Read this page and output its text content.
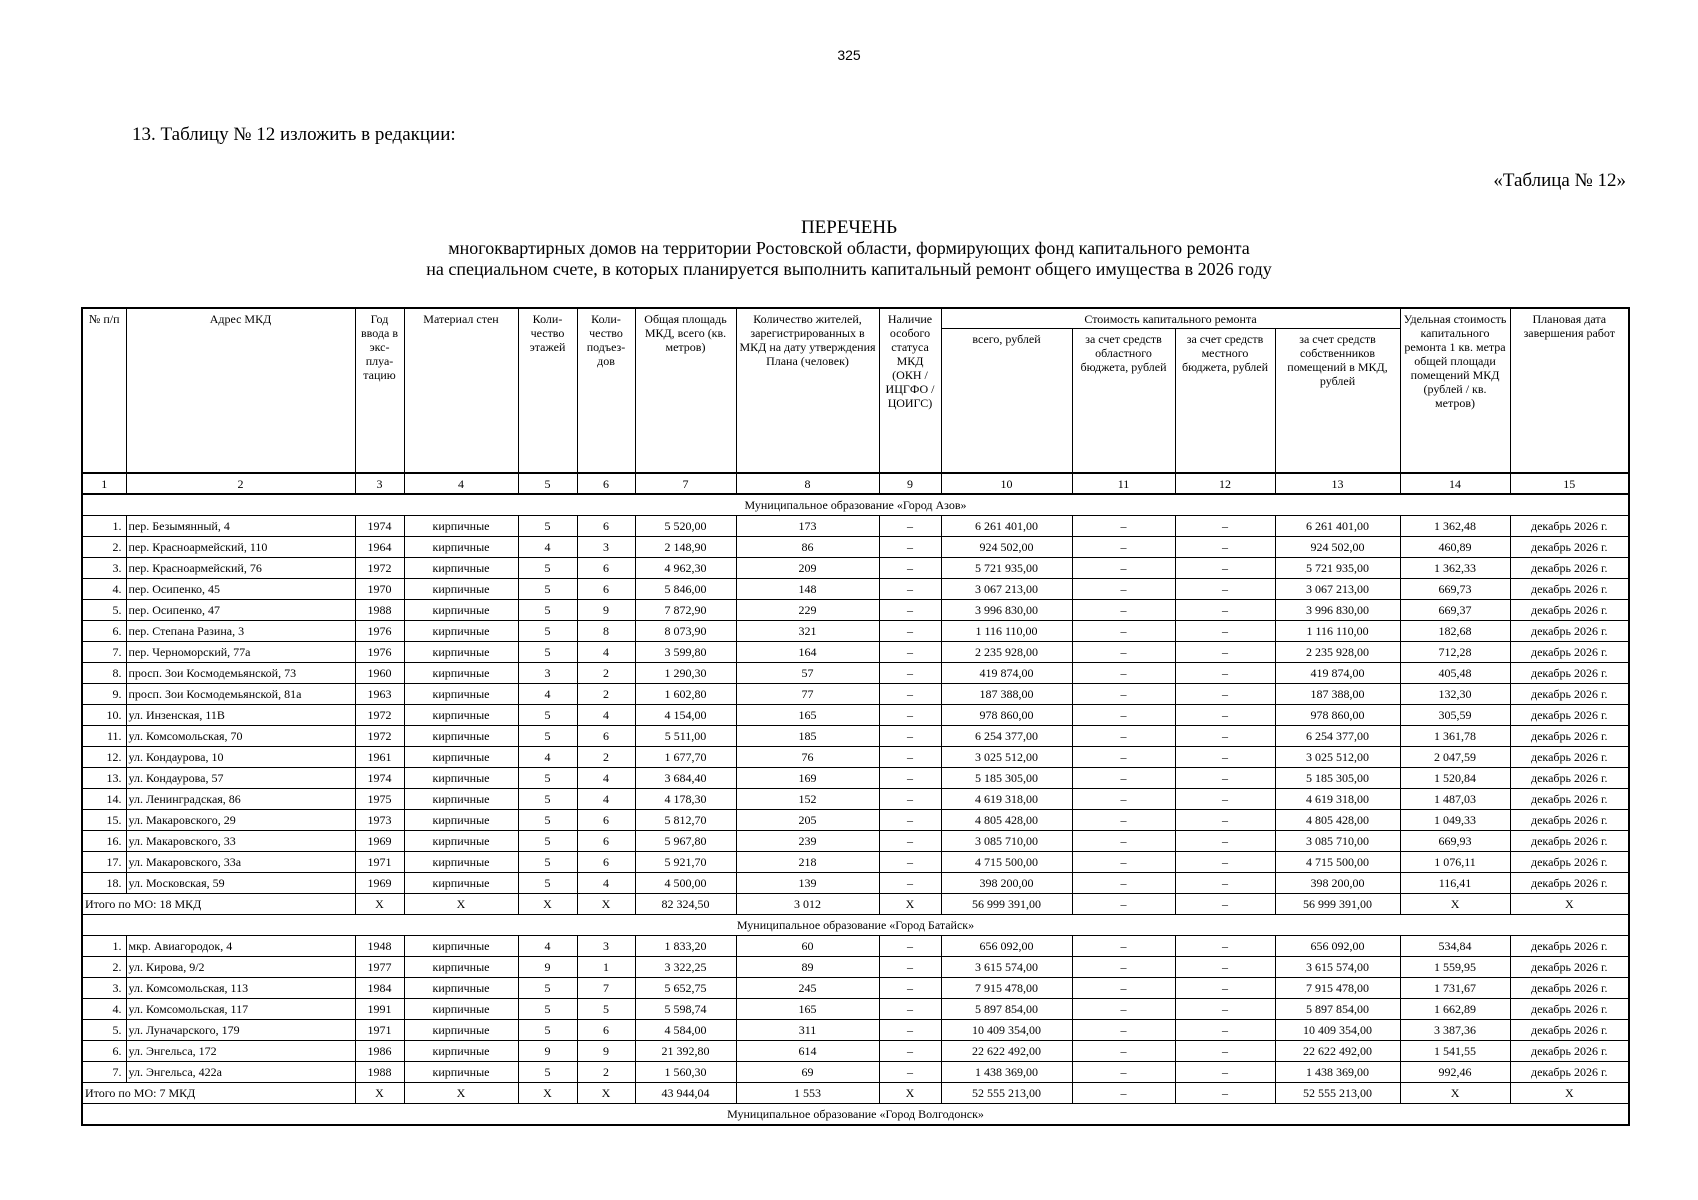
325
13. Таблицу № 12 изложить в редакции:
«Таблица № 12»
ПЕРЕЧЕНЬ
многоквартирных домов на территории Ростовской области, формирующих фонд капитального ремонта
на специальном счете, в которых планируется выполнить капитальный ремонт общего имущества в 2026 году
№ п/п	Адрес МКД	Год ввода в экс-плуа-тацию	Материал стен	Коли-чество этажей	Коли-чество подъез-дов	Общая площадь МКД, всего (кв. метров)	Количество жителей, зарегистрированных в МКД на дату утверждения Плана (человек)	Наличие особого статуса МКД (ОКН / ИЦГФО / ЦОИГС)	Стоимость капитального ремонта				Удельная стоимость капитального ремонта 1 кв. метра общей площади помещений МКД (рублей / кв. метров)	Плановая дата завершения работ
									всего, рублей	за счет средств областного бюджета, рублей	за счет средств местного бюджета, рублей	за счет средств собственников помещений в МКД, рублей		
1	2	3	4	5	6	7	8	9	10	11	12	13	14	15
Муниципальное образование «Город Азов»														
1.	пер. Безымянный, 4	1974	кирпичные	5	6	5 520,00	173	–	6 261 401,00	–	–	6 261 401,00	1 362,48	декабрь 2026 г.
2.	пер. Красноармейский, 110	1964	кирпичные	4	3	2 148,90	86	–	924 502,00	–	–	924 502,00	460,89	декабрь 2026 г.
3.	пер. Красноармейский, 76	1972	кирпичные	5	6	4 962,30	209	–	5 721 935,00	–	–	5 721 935,00	1 362,33	декабрь 2026 г.
4.	пер. Осипенко, 45	1970	кирпичные	5	6	5 846,00	148	–	3 067 213,00	–	–	3 067 213,00	669,73	декабрь 2026 г.
5.	пер. Осипенко, 47	1988	кирпичные	5	9	7 872,90	229	–	3 996 830,00	–	–	3 996 830,00	669,37	декабрь 2026 г.
6.	пер. Степана Разина, 3	1976	кирпичные	5	8	8 073,90	321	–	1 116 110,00	–	–	1 116 110,00	182,68	декабрь 2026 г.
7.	пер. Черноморский, 77а	1976	кирпичные	5	4	3 599,80	164	–	2 235 928,00	–	–	2 235 928,00	712,28	декабрь 2026 г.
8.	просп. Зои Космодемьянской, 73	1960	кирпичные	3	2	1 290,30	57	–	419 874,00	–	–	419 874,00	405,48	декабрь 2026 г.
9.	просп. Зои Космодемьянской, 81а	1963	кирпичные	4	2	1 602,80	77	–	187 388,00	–	–	187 388,00	132,30	декабрь 2026 г.
10.	ул. Инзенская, 11В	1972	кирпичные	5	4	4 154,00	165	–	978 860,00	–	–	978 860,00	305,59	декабрь 2026 г.
11.	ул. Комсомольская, 70	1972	кирпичные	5	6	5 511,00	185	–	6 254 377,00	–	–	6 254 377,00	1 361,78	декабрь 2026 г.
12.	ул. Кондаурова, 10	1961	кирпичные	4	2	1 677,70	76	–	3 025 512,00	–	–	3 025 512,00	2 047,59	декабрь 2026 г.
13.	ул. Кондаурова, 57	1974	кирпичные	5	4	3 684,40	169	–	5 185 305,00	–	–	5 185 305,00	1 520,84	декабрь 2026 г.
14.	ул. Ленинградская, 86	1975	кирпичные	5	4	4 178,30	152	–	4 619 318,00	–	–	4 619 318,00	1 487,03	декабрь 2026 г.
15.	ул. Макаровского, 29	1973	кирпичные	5	6	5 812,70	205	–	4 805 428,00	–	–	4 805 428,00	1 049,33	декабрь 2026 г.
16.	ул. Макаровского, 33	1969	кирпичные	5	6	5 967,80	239	–	3 085 710,00	–	–	3 085 710,00	669,93	декабрь 2026 г.
17.	ул. Макаровского, 33а	1971	кирпичные	5	6	5 921,70	218	–	4 715 500,00	–	–	4 715 500,00	1 076,11	декабрь 2026 г.
18.	ул. Московская, 59	1969	кирпичные	5	4	4 500,00	139	–	398 200,00	–	–	398 200,00	116,41	декабрь 2026 г.
Итого по МО: 18 МКД		X	X	X	X	82 324,50	3 012	X	56 999 391,00	–	–	56 999 391,00	X	X
Муниципальное образование «Город Батайск»														
1.	мкр. Авиагородок, 4	1948	кирпичные	4	3	1 833,20	60	–	656 092,00	–	–	656 092,00	534,84	декабрь 2026 г.
2.	ул. Кирова, 9/2	1977	кирпичные	9	1	3 322,25	89	–	3 615 574,00	–	–	3 615 574,00	1 559,95	декабрь 2026 г.
3.	ул. Комсомольская, 113	1984	кирпичные	5	7	5 652,75	245	–	7 915 478,00	–	–	7 915 478,00	1 731,67	декабрь 2026 г.
4.	ул. Комсомольская, 117	1991	кирпичные	5	5	5 598,74	165	–	5 897 854,00	–	–	5 897 854,00	1 662,89	декабрь 2026 г.
5.	ул. Луначарского, 179	1971	кирпичные	5	6	4 584,00	311	–	10 409 354,00	–	–	10 409 354,00	3 387,36	декабрь 2026 г.
6.	ул. Энгельса, 172	1986	кирпичные	9	9	21 392,80	614	–	22 622 492,00	–	–	22 622 492,00	1 541,55	декабрь 2026 г.
7.	ул. Энгельса, 422а	1988	кирпичные	5	2	1 560,30	69	–	1 438 369,00	–	–	1 438 369,00	992,46	декабрь 2026 г.
Итого по МО: 7 МКД		X	X	X	X	43 944,04	1 553	X	52 555 213,00	–	–	52 555 213,00	X	X
Муниципальное образование «Город Волгодонск»														
